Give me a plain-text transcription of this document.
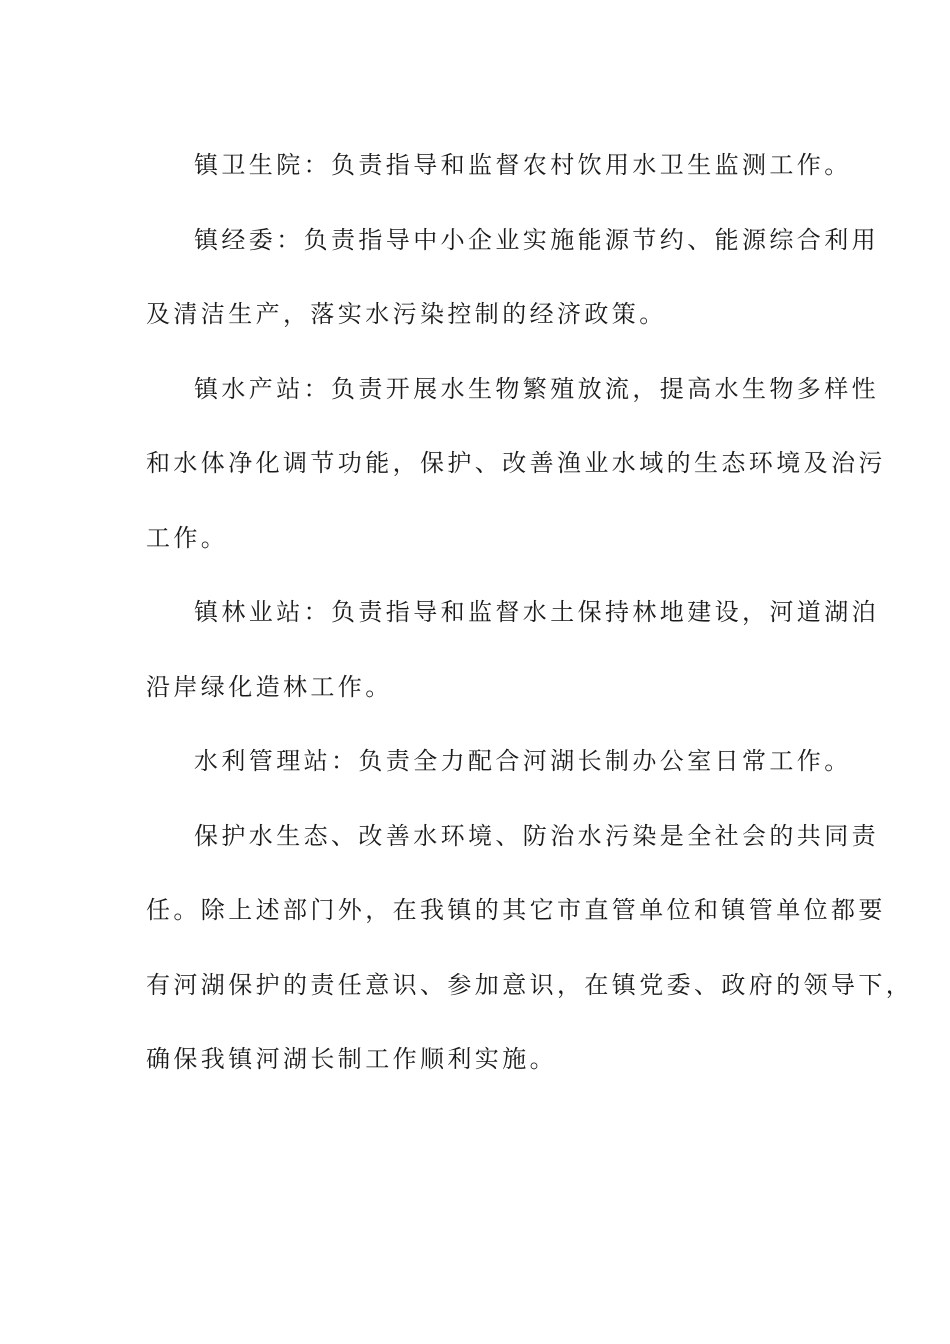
镇卫生院：负责指导和监督农村饮用水卫生监测工作。

镇经委：负责指导中小企业实施能源节约、能源综合利用
及清洁生产，落实水污染控制的经济政策。

镇水产站：负责开展水生物繁殖放流，提高水生物多样性
和水体净化调节功能，保护、改善渔业水域的生态环境及治污
工作。

镇林业站：负责指导和监督水土保持林地建设，河道湖泊
沿岸绿化造林工作。

水利管理站：负责全力配合河湖长制办公室日常工作。

保护水生态、改善水环境、防治水污染是全社会的共同责
任。除上述部门外，在我镇的其它市直管单位和镇管单位都要
有河湖保护的责任意识、参加意识，在镇党委、政府的领导下，
确保我镇河湖长制工作顺利实施。
